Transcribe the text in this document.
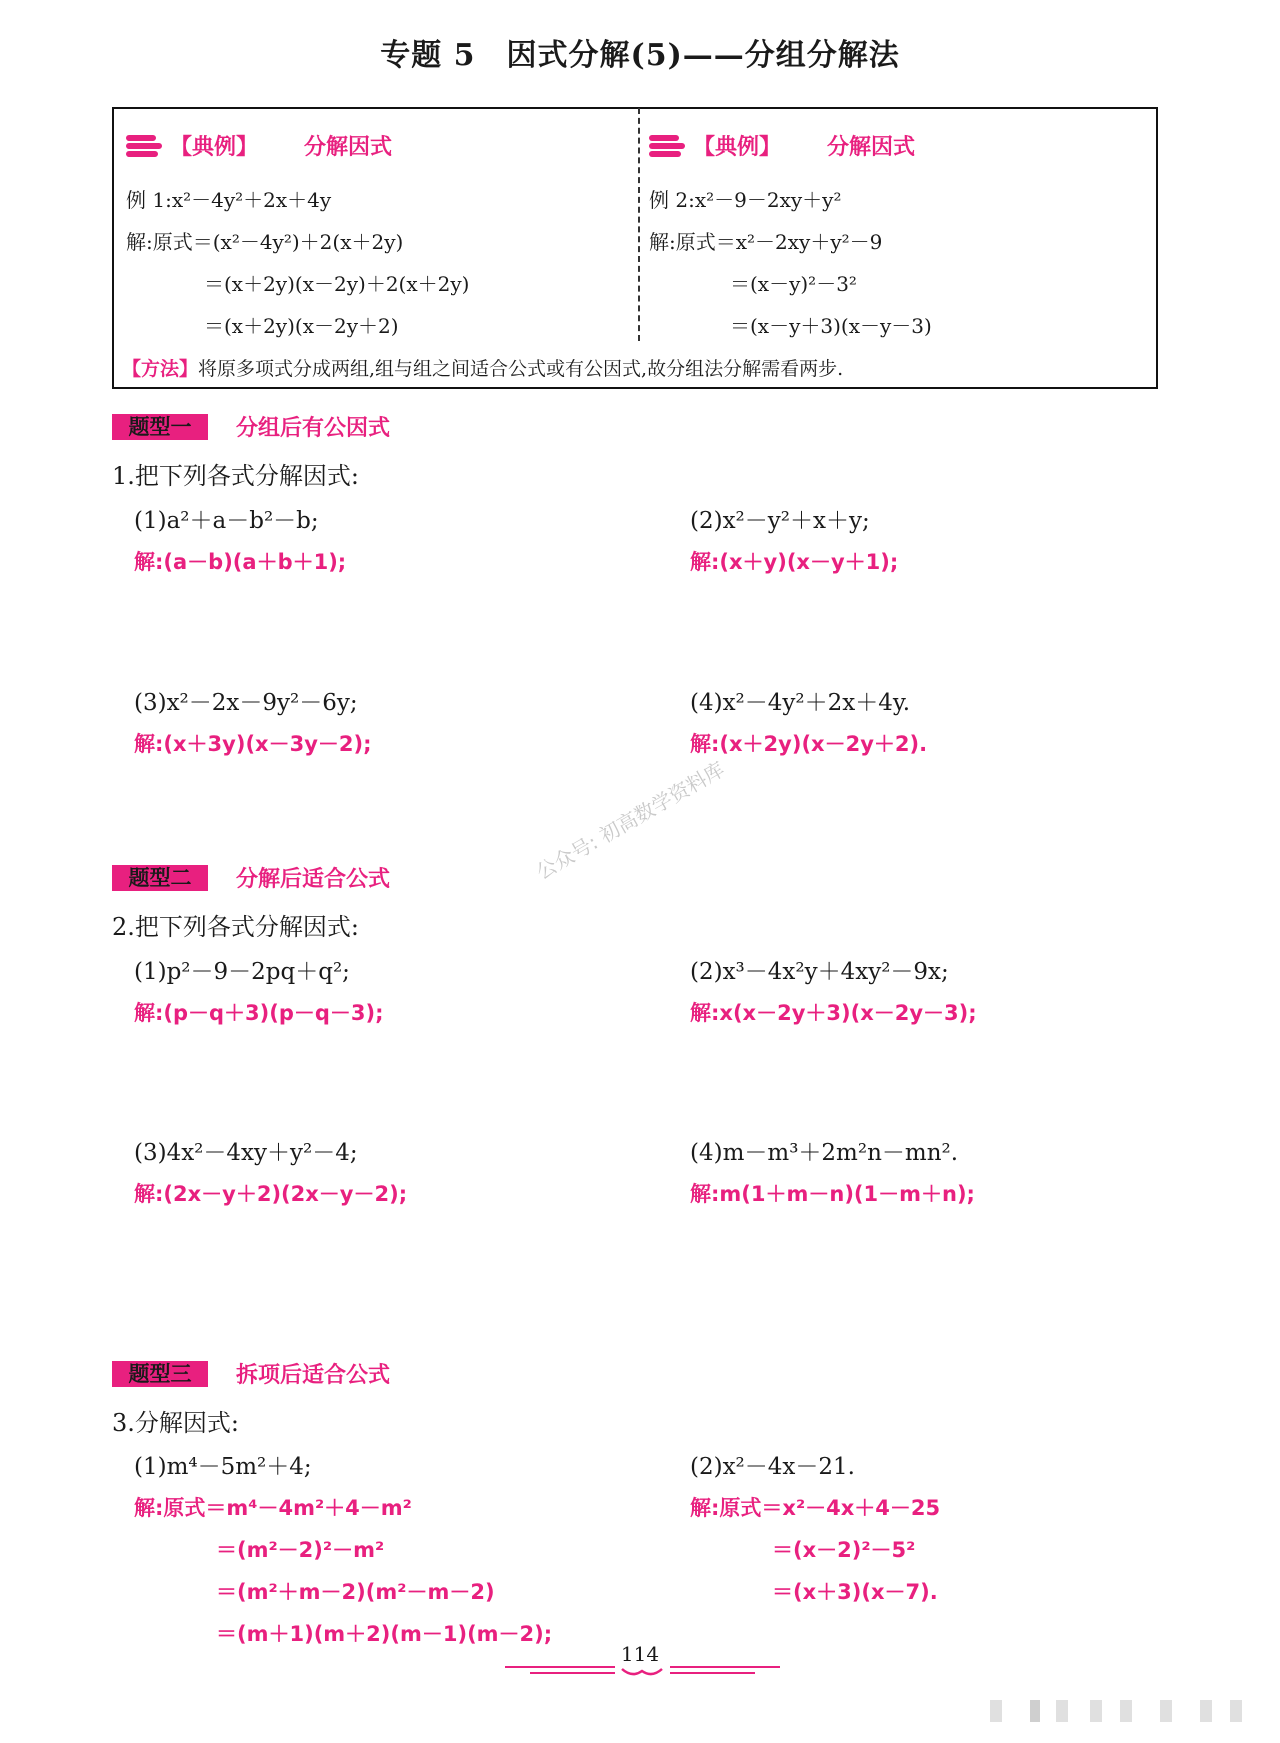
专题 5　因式分解(5)——分组分解法
【典例】 分解因式	【典例】 分解因式
例 1:x²－4y²＋2x＋4y
解:原式＝(x²－4y²)＋2(x＋2y)
＝(x＋2y)(x－2y)＋2(x＋2y)
＝(x＋2y)(x－2y＋2)
例 2:x²－9－2xy＋y²
解:原式＝x²－2xy＋y²－9
＝(x－y)²－3²
＝(x－y＋3)(x－y－3)
【方法】将原多项式分成两组,组与组之间适合公式或有公因式,故分组法分解需看两步.
题型一	分组后有公因式
1.把下列各式分解因式:
(1)a²＋a－b²－b;
解:(a－b)(a＋b＋1);
(2)x²－y²＋x＋y;
解:(x＋y)(x－y＋1);
(3)x²－2x－9y²－6y;
解:(x＋3y)(x－3y－2);
(4)x²－4y²＋2x＋4y.
解:(x＋2y)(x－2y＋2).
公众号: 初高数学资料库
题型二	分解后适合公式
2.把下列各式分解因式:
(1)p²－9－2pq＋q²;
解:(p－q＋3)(p－q－3);
(2)x³－4x²y＋4xy²－9x;
解:x(x－2y＋3)(x－2y－3);
(3)4x²－4xy＋y²－4;
解:(2x－y＋2)(2x－y－2);
(4)m－m³＋2m²n－mn².
解:m(1＋m－n)(1－m＋n);
题型三	拆项后适合公式
3.分解因式:
(1)m⁴－5m²＋4;
解:原式＝m⁴－4m²＋4－m²
＝(m²－2)²－m²
＝(m²＋m－2)(m²－m－2)
＝(m＋1)(m＋2)(m－1)(m－2);
(2)x²－4x－21.
解:原式＝x²－4x＋4－25
＝(x－2)²－5²
＝(x＋3)(x－7).
114
